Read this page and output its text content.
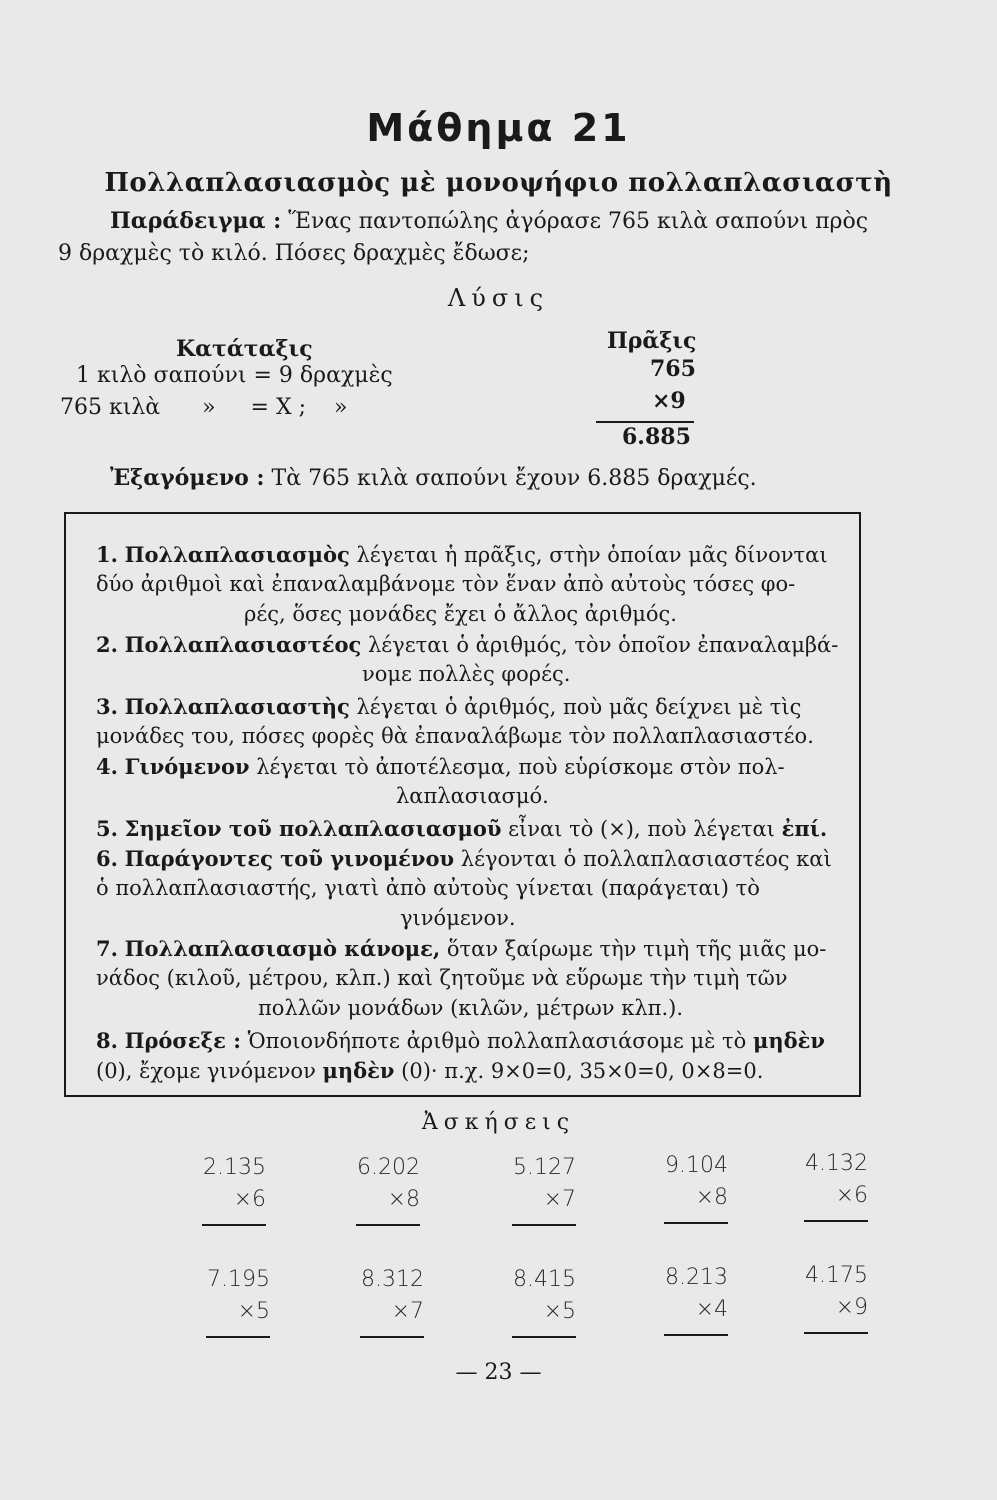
Μάθημα 21
Πολλαπλασιασμὸς μὲ μονοψήφιο πολλαπλασιαστὴ
Παράδειγμα : Ἕνας παντοπώλης ἀγόρασε 765 κιλὰ σαπούνι πρὸς
9 δραχμὲς τὸ κιλό. Πόσες δραχμὲς ἔδωσε;
Λύσις
Κατάταξις
1 κιλὸ σαπούνι = 9 δραχμὲς
765 κιλὰ      »     = Χ ;    »
Πρᾶξις
765
×9
6.885
Ἐξαγόμενο : Τὰ 765 κιλὰ σαπούνι ἔχουν 6.885 δραχμές.
1. Πολλαπλασιασμὸς λέγεται ἡ πρᾶξις, στὴν ὁποίαν μᾶς δίνονται
δύο ἀριθμοὶ καὶ ἐπαναλαμβάνομε τὸν ἕναν ἀπὸ αὐτοὺς τόσες φο-
ρές, ὅσες μονάδες ἔχει ὁ ἄλλος ἀριθμός.
2. Πολλαπλασιαστέος λέγεται ὁ ἀριθμός, τὸν ὁποῖον ἐπαναλαμβά-
νομε πολλὲς φορές.
3. Πολλαπλασιαστὴς λέγεται ὁ ἀριθμός, ποὺ μᾶς δείχνει μὲ τὶς
μονάδες του, πόσες φορὲς θὰ ἐπαναλάβωμε τὸν πολλαπλασιαστέο.
4. Γινόμενον λέγεται τὸ ἀποτέλεσμα, ποὺ εὑρίσκομε στὸν πολ-
λαπλασιασμό.
5. Σημεῖον τοῦ πολλαπλασιασμοῦ εἶναι τὸ (×), ποὺ λέγεται ἐπί.
6. Παράγοντες τοῦ γινομένου λέγονται ὁ πολλαπλασιαστέος καὶ
ὁ πολλαπλασιαστής, γιατὶ ἀπὸ αὐτοὺς γίνεται (παράγεται) τὸ
γινόμενον.
7. Πολλαπλασιασμὸ κάνομε, ὅταν ξαίρωμε τὴν τιμὴ τῆς μιᾶς μο-
νάδος (κιλοῦ, μέτρου, κλπ.) καὶ ζητοῦμε νὰ εὕρωμε τὴν τιμὴ τῶν
πολλῶν μονάδων (κιλῶν, μέτρων κλπ.).
8. Πρόσεξε : Ὁποιονδήποτε ἀριθμὸ πολλαπλασιάσομε μὲ τὸ μηδὲν
(0), ἔχομε γινόμενον μηδὲν (0)· π.χ. 9×0=0, 35×0=0, 0×8=0.
Ἀσκήσεις
2.135
×6
6.202
×8
5.127
×7
9.104
×8
4.132
×6
7.195
×5
8.312
×7
8.415
×5
8.213
×4
4.175
×9
— 23 —
